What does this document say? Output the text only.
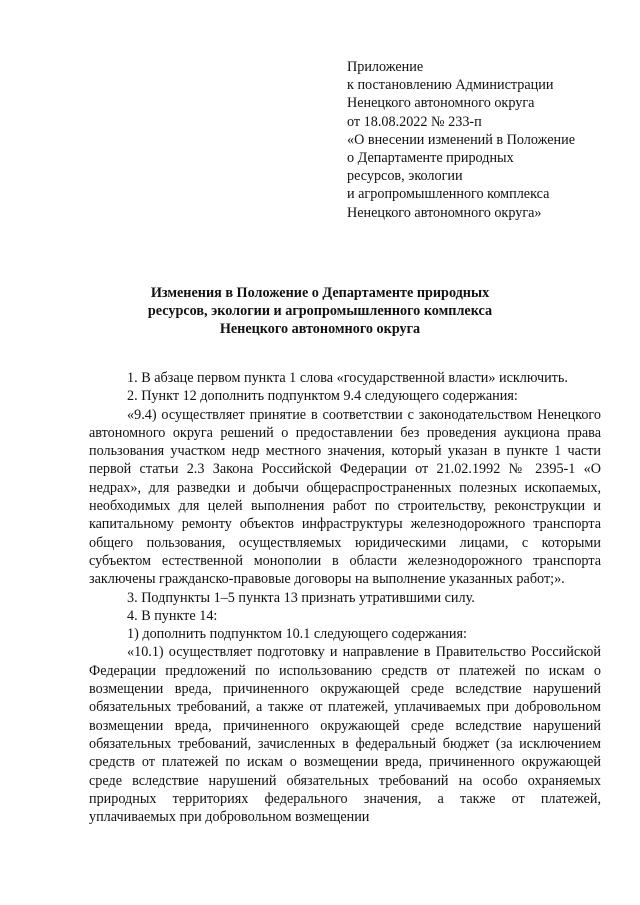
Приложение
к постановлению Администрации
Ненецкого автономного округа
от 18.08.2022 № 233-п
«О внесении изменений в Положение
о Департаменте природных
ресурсов, экологии
и агропромышленного комплекса
Ненецкого автономного округа»
Изменения в Положение о Департаменте природных
ресурсов, экологии и агропромышленного комплекса
Ненецкого автономного округа

1. В абзаце первом пункта 1 слова «государственной власти» исключить.

2. Пункт 12 дополнить подпунктом 9.4 следующего содержания:

«9.4) осуществляет принятие в соответствии с законодательством Ненецкого автономного округа решений о предоставлении без проведения аукциона права пользования участком недр местного значения, который указан в пункте 1 части первой статьи 2.3 Закона Российской Федерации от 21.02.1992 № 2395-1 «О недрах», для разведки и добычи общераспространенных полезных ископаемых, необходимых для целей выполнения работ по строительству, реконструкции и капитальному ремонту объектов инфраструктуры железнодорожного транспорта общего пользования, осуществляемых юридическими лицами, с которыми субъектом естественной монополии в области железнодорожного транспорта заключены гражданско-правовые договоры на выполнение указанных работ;».

3. Подпункты 1–5 пункта 13 признать утратившими силу.

4. В пункте 14:

1) дополнить подпунктом 10.1 следующего содержания:

«10.1) осуществляет подготовку и направление в Правительство Российской Федерации предложений по использованию средств от платежей по искам о возмещении вреда, причиненного окружающей среде вследствие нарушений обязательных требований, а также от платежей, уплачиваемых при добровольном возмещении вреда, причиненного окружающей среде вследствие нарушений обязательных требований, зачисленных в федеральный бюджет (за исключением средств от платежей по искам о возмещении вреда, причиненного окружающей среде вследствие нарушений обязательных требований на особо охраняемых природных территориях федерального значения, а также от платежей, уплачиваемых при добровольном возмещении
